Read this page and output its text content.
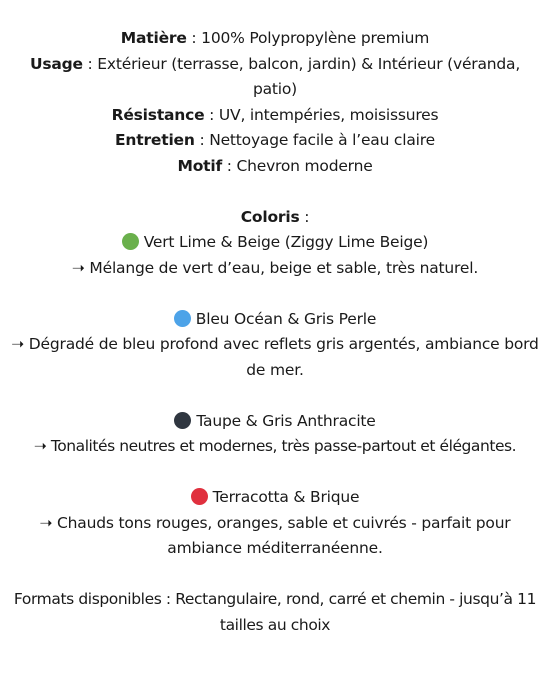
Matière : 100% Polypropylène premium
Usage : Extérieur (terrasse, balcon, jardin) & Intérieur (véranda, patio)
Résistance : UV, intempéries, moisissures
Entretien : Nettoyage facile à l’eau claire
Motif : Chevron moderne
Coloris :
Vert Lime & Beige (Ziggy Lime Beige)
➝ Mélange de vert d’eau, beige et sable, très naturel.
Bleu Océan & Gris Perle
➝ Dégradé de bleu profond avec reflets gris argentés, ambiance bord de mer.
Taupe & Gris Anthracite
➝ Tonalités neutres et modernes, très passe-partout et élégantes.
Terracotta & Brique
➝ Chauds tons rouges, oranges, sable et cuivrés - parfait pour ambiance méditerranéenne.
Formats disponibles : Rectangulaire, rond, carré et chemin - jusqu’à 11 tailles au choix
